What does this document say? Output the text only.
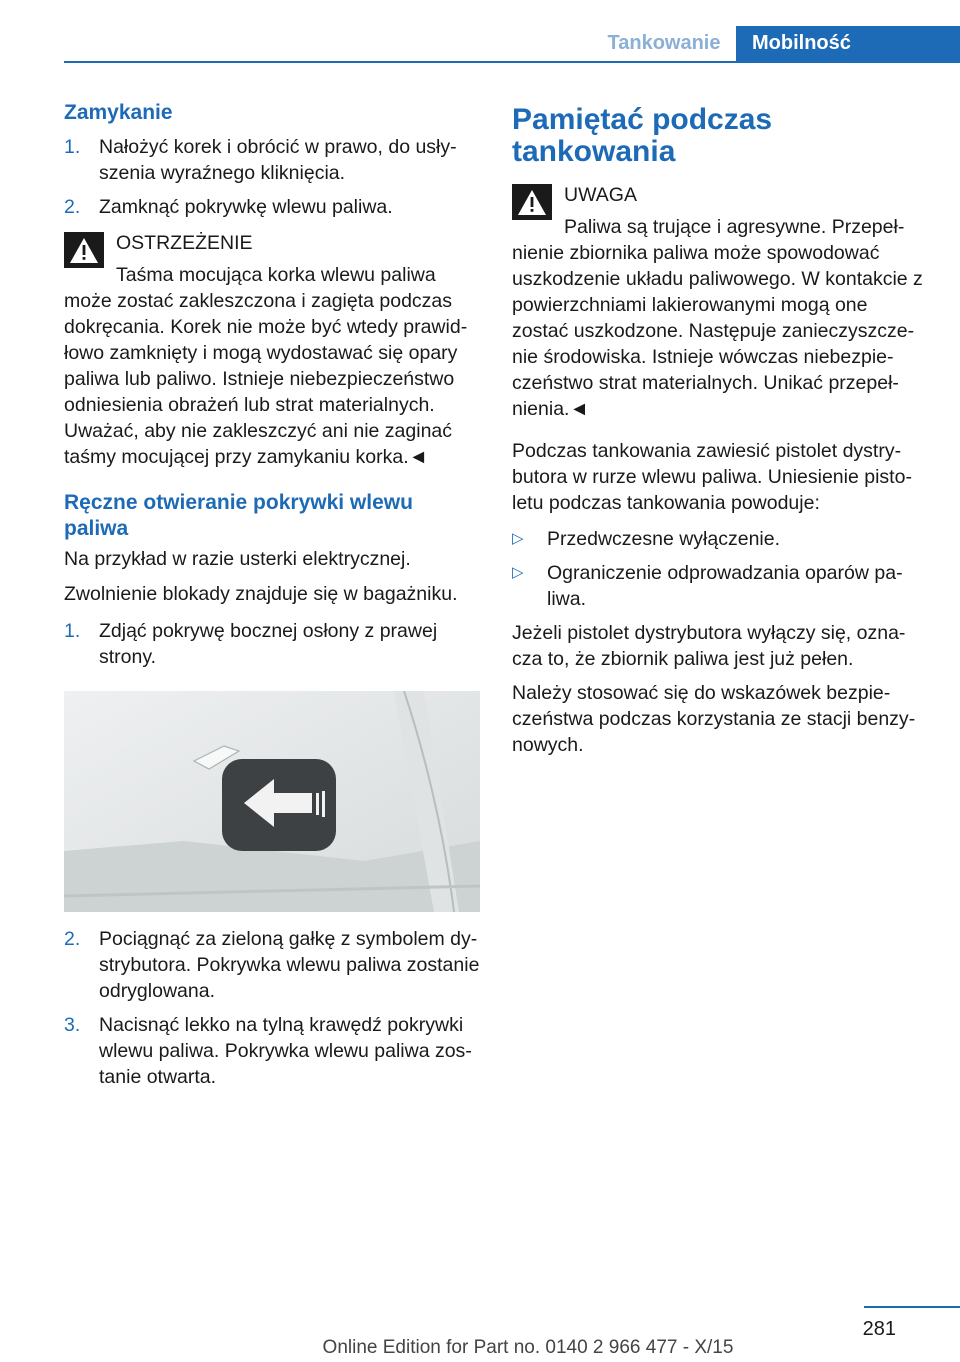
Tankowanie	Mobilność
Zamykanie
1. Nałożyć korek i obrócić w prawo, do usłyszenia wyraźnego kliknięcia.
2. Zamknąć pokrywkę wlewu paliwa.
OSTRZEŻENIE

Taśma mocująca korka wlewu paliwa może zostać zakleszczona i zagięta podczas dokręcania. Korek nie może być wtedy prawidłowo zamknięty i mogą wydostawać się opary paliwa lub paliwo. Istnieje niebezpieczeństwo odniesienia obrażeń lub strat materialnych. Uważać, aby nie zakleszczyć ani nie zaginać taśmy mocującej przy zamykaniu korka.◄

Ręczne otwieranie pokrywki wlewu paliwa

Na przykład w razie usterki elektrycznej.

Zwolnienie blokady znajduje się w bagażniku.

1. Zdjąć pokrywę bocznej osłony z prawej strony.
2. Pociągnąć za zieloną gałkę z symbolem dystrybutora. Pokrywka wlewu paliwa zostanie odryglowana.
3. Nacisnąć lekko na tylną krawędź pokrywki wlewu paliwa. Pokrywka wlewu paliwa zostanie otwarta.
Pamiętać podczas tankowania
UWAGA

Paliwa są trujące i agresywne. Przepełnienie zbiornika paliwa może spowodować uszkodzenie układu paliwowego. W kontakcie z powierzchniami lakierowanymi mogą one zostać uszkodzone. Następuje zanieczyszczenie środowiska. Istnieje wówczas niebezpieczeństwo strat materialnych. Unikać przepełnienia.◄

Podczas tankowania zawiesić pistolet dystrybutora w rurze wlewu paliwa. Uniesienie pistoletu podczas tankowania powoduje:

▷ Przedwczesne wyłączenie.
▷ Ograniczenie odprowadzania oparów paliwa.

Jeżeli pistolet dystrybutora wyłączy się, oznacza to, że zbiornik paliwa jest już pełen.

Należy stosować się do wskazówek bezpieczeństwa podczas korzystania ze stacji benzynowych.

281
Online Edition for Part no. 0140 2 966 477 - X/15
